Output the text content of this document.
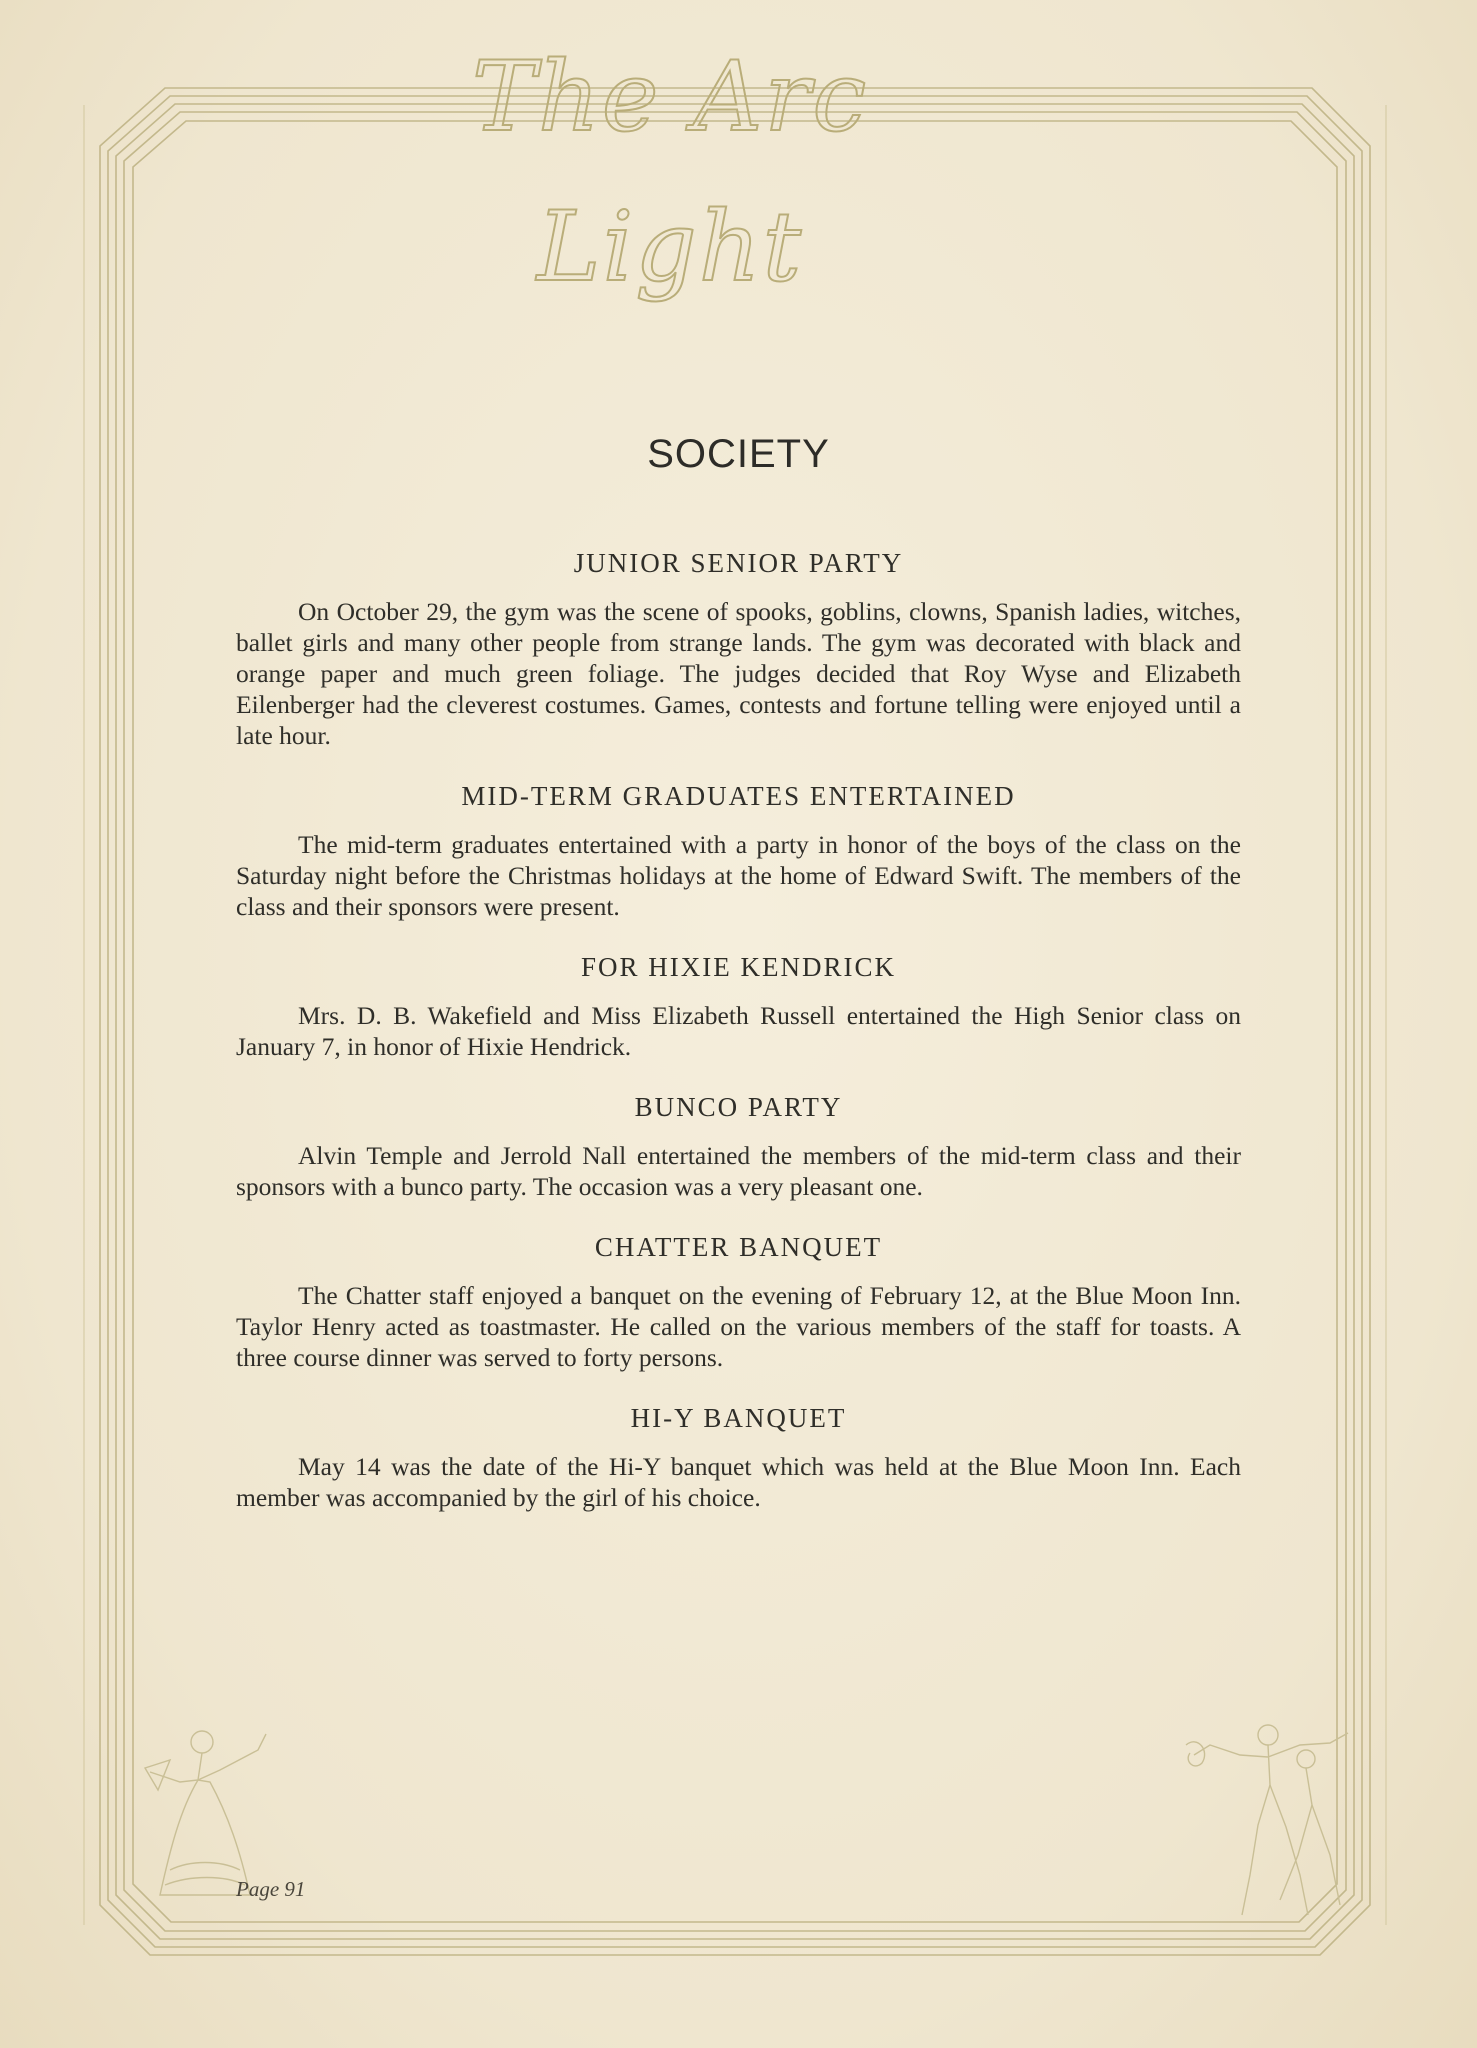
The Arc Light
SOCIETY
JUNIOR SENIOR PARTY

On October 29, the gym was the scene of spooks, goblins, clowns, Spanish ladies, witches, ballet girls and many other people from strange lands. The gym was decorated with black and orange paper and much green foliage. The judges decided that Roy Wyse and Elizabeth Eilenberger had the cleverest costumes. Games, contests and fortune telling were enjoyed until a late hour.

MID-TERM GRADUATES ENTERTAINED

The mid-term graduates entertained with a party in honor of the boys of the class on the Saturday night before the Christmas holidays at the home of Edward Swift. The members of the class and their sponsors were present.

FOR HIXIE KENDRICK

Mrs. D. B. Wakefield and Miss Elizabeth Russell entertained the High Senior class on January 7, in honor of Hixie Hendrick.

BUNCO PARTY

Alvin Temple and Jerrold Nall entertained the members of the mid-term class and their sponsors with a bunco party. The occasion was a very pleasant one.

CHATTER BANQUET

The Chatter staff enjoyed a banquet on the evening of February 12, at the Blue Moon Inn. Taylor Henry acted as toastmaster. He called on the various members of the staff for toasts. A three course dinner was served to forty persons.

HI-Y BANQUET

May 14 was the date of the Hi-Y banquet which was held at the Blue Moon Inn. Each member was accompanied by the girl of his choice.

Page 91
